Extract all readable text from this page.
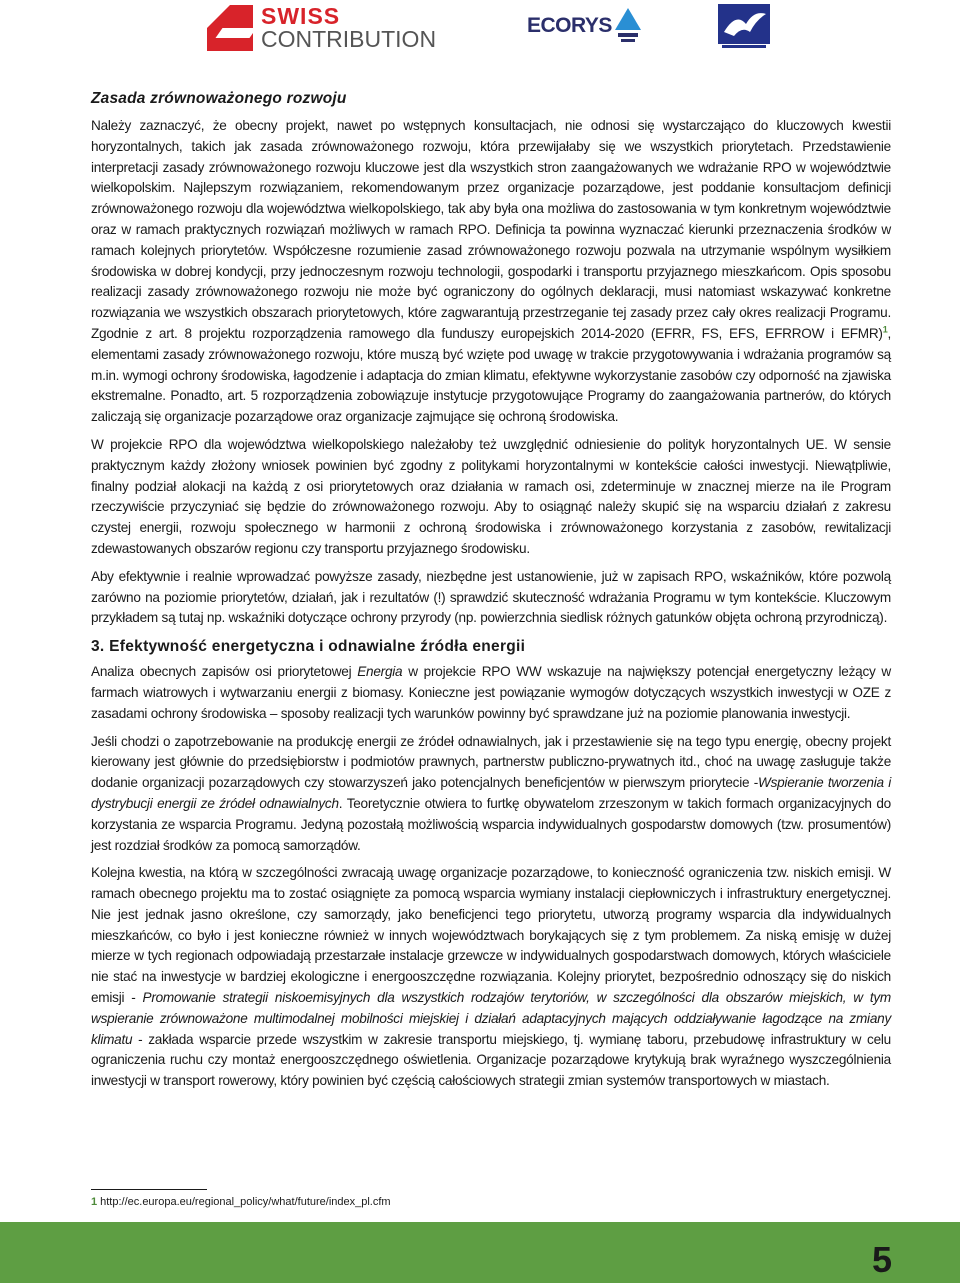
SWISS
CONTRIBUTION
ECORYS
Zasada zrównoważonego rozwoju

Należy zaznaczyć, że obecny projekt, nawet po wstępnych konsultacjach, nie odnosi się wystarczająco do kluczowych kwestii horyzontalnych, takich jak zasada zrównoważonego rozwoju, która przewijałaby się we wszystkich priorytetach. Przedstawienie interpretacji zasady zrównoważonego rozwoju kluczowe jest dla wszystkich stron zaangażowanych we wdrażanie RPO w województwie wielkopolskim. Najlepszym rozwiązaniem, rekomendowanym przez organizacje pozarządowe, jest poddanie konsultacjom definicji zrównoważonego rozwoju dla województwa wielkopolskiego, tak aby była ona możliwa do zastosowania w tym konkretnym województwie oraz w ramach praktycznych rozwiązań możliwych w ramach RPO. Definicja ta powinna wyznaczać kierunki przeznaczenia środków w ramach kolejnych priorytetów. Współczesne rozumienie zasad zrównoważonego rozwoju pozwala na utrzymanie wspólnym wysiłkiem środowiska w dobrej kondycji, przy jednoczesnym rozwoju technologii, gospodarki i transportu przyjaznego mieszkańcom. Opis sposobu realizacji zasady zrównoważonego rozwoju nie może być ograniczony do ogólnych deklaracji, musi natomiast wskazywać konkretne rozwiązania we wszystkich obszarach priorytetowych, które zagwarantują przestrzeganie tej zasady przez cały okres realizacji Programu. Zgodnie z art. 8 projektu rozporządzenia ramowego dla funduszy europejskich 2014-2020 (EFRR, FS, EFS, EFRROW i EFMR)$^1$, elementami zasady zrównoważonego rozwoju, które muszą być wzięte pod uwagę w trakcie przygotowywania i wdrażania programów są m.in. wymogi ochrony środowiska, łagodzenie i adaptacja do zmian klimatu, efektywne wykorzystanie zasobów czy odporność na zjawiska ekstremalne. Ponadto, art. 5 rozporządzenia zobowiązuje instytucje przygotowujące Programy do zaangażowania partnerów, do których zaliczają się organizacje pozarządowe oraz organizacje zajmujące się ochroną środowiska.

W projekcie RPO dla województwa wielkopolskiego należałoby też uwzględnić odniesienie do polityk horyzontalnych UE. W sensie praktycznym każdy złożony wniosek powinien być zgodny z politykami horyzontalnymi w kontekście całości inwestycji. Niewątpliwie, finalny podział alokacji na każdą z osi priorytetowych oraz działania w ramach osi, zdeterminuje w znacznej mierze na ile Program rzeczywiście przyczyniać się będzie do zrównoważonego rozwoju. Aby to osiągnąć należy skupić się na wsparciu działań z zakresu czystej energii, rozwoju społecznego w harmonii z ochroną środowiska i zrównoważonego korzystania z zasobów, rewitalizacji zdewastowanych obszarów regionu czy transportu przyjaznego środowisku.

Aby efektywnie i realnie wprowadzać powyższe zasady, niezbędne jest ustanowienie, już w zapisach RPO, wskaźników, które pozwolą zarówno na poziomie priorytetów, działań, jak i rezultatów (!) sprawdzić skuteczność wdrażania Programu w tym kontekście. Kluczowym przykładem są tutaj np. wskaźniki dotyczące ochrony przyrody (np. powierzchnia siedlisk różnych gatunków objęta ochroną przyrodniczą).

3. Efektywność energetyczna i odnawialne źródła energii

Analiza obecnych zapisów osi priorytetowej Energia w projekcie RPO WW wskazuje na największy potencjał energetyczny leżący w farmach wiatrowych i wytwarzaniu energii z biomasy. Konieczne jest powiązanie wymogów dotyczących wszystkich inwestycji w OZE z zasadami ochrony środowiska – sposoby realizacji tych warunków powinny być sprawdzane już na poziomie planowania inwestycji.

Jeśli chodzi o zapotrzebowanie na produkcję energii ze źródeł odnawialnych, jak i przestawienie się na tego typu energię, obecny projekt kierowany jest głównie do przedsiębiorstw i podmiotów prawnych, partnerstw publiczno-prywatnych itd., choć na uwagę zasługuje także dodanie organizacji pozarządowych czy stowarzyszeń jako potencjalnych beneficjentów w pierwszym priorytecie -Wspieranie tworzenia i dystrybucji energii ze źródeł odnawialnych. Teoretycznie otwiera to furtkę obywatelom zrzeszonym w takich formach organizacyjnych do korzystania ze wsparcia Programu. Jedyną pozostałą możliwością wsparcia indywidualnych gospodarstw domowych (tzw. prosumentów) jest rozdział środków za pomocą samorządów.

Kolejna kwestia, na którą w szczególności zwracają uwagę organizacje pozarządowe, to konieczność ograniczenia tzw. niskich emisji. W ramach obecnego projektu ma to zostać osiągnięte za pomocą wsparcia wymiany instalacji ciepłowniczych i infrastruktury energetycznej. Nie jest jednak jasno określone, czy samorządy, jako beneficjenci tego priorytetu, utworzą programy wsparcia dla indywidualnych mieszkańców, co było i jest konieczne również w innych województwach borykających się z tym problemem. Za niską emisję w dużej mierze w tych regionach odpowiadają przestarzałe instalacje grzewcze w indywidualnych gospodarstwach domowych, których właściciele nie stać na inwestycje w bardziej ekologiczne i energooszczędne rozwiązania. Kolejny priorytet, bezpośrednio odnoszący się do niskich emisji - Promowanie strategii niskoemisyjnych dla wszystkich rodzajów terytoriów, w szczególności dla obszarów miejskich, w tym wspieranie zrównoważone multimodalnej mobilności miejskiej i działań adaptacyjnych mających oddziaływanie łagodzące na zmiany klimatu - zakłada wsparcie przede wszystkim w zakresie transportu miejskiego, tj. wymianę taboru, przebudowę infrastruktury w celu ograniczenia ruchu czy montaż energooszczędnego oświetlenia. Organizacje pozarządowe krytykują brak wyraźnego wyszczególnienia inwestycji w transport rowerowy, który powinien być częścią całościowych strategii zmian systemów transportowych w miastach.

1 http://ec.europa.eu/regional_policy/what/future/index_pl.cfm
5
